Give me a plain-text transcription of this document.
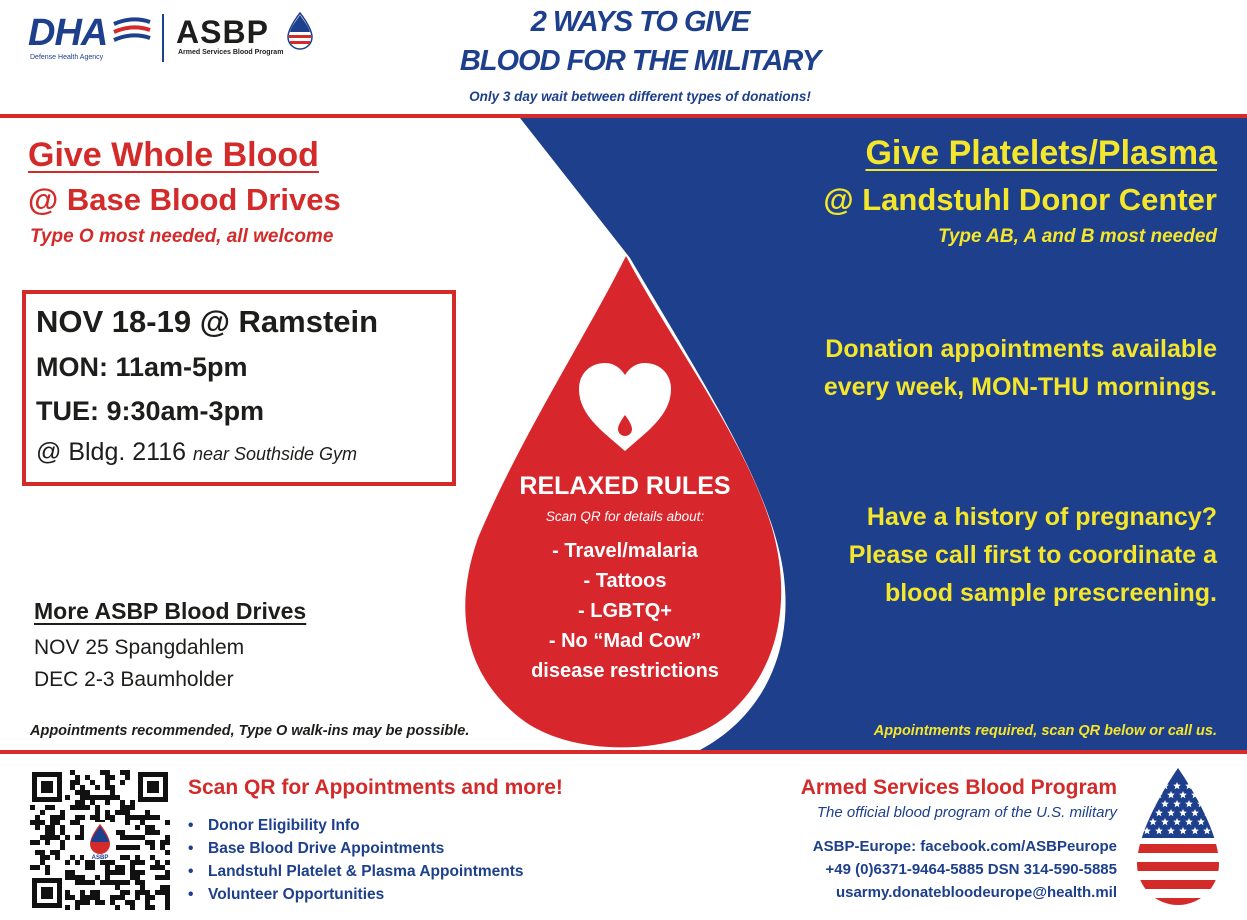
DHA
Defense Health Agency
ASBP
Armed Services Blood Program
2 WAYS TO GIVE
BLOOD FOR THE MILITARY
Only 3 day wait between different types of donations!
Give Whole Blood
@ Base Blood Drives
Type O most needed, all welcome
NOV 18-19 @ Ramstein
MON: 11am-5pm
TUE: 9:30am-3pm
@ Bldg. 2116 near Southside Gym
More ASBP Blood Drives
NOV 25 Spangdahlem
DEC 2-3 Baumholder
Appointments recommended, Type O walk-ins may be possible.
Give Platelets/Plasma
@ Landstuhl Donor Center
Type AB, A and B most needed
Donation appointments available
every week, MON-THU mornings.
Have a history of pregnancy?
Please call first to coordinate a
blood sample prescreening.
Appointments required, scan QR below or call us.
RELAXED RULES
Scan QR for details about:
- Travel/malaria
- Tattoos
- LGBTQ+
- No “Mad Cow”
disease restrictions
ASBP
Scan QR for Appointments and more!
• Donor Eligibility Info
• Base Blood Drive Appointments
• Landstuhl Platelet & Plasma Appointments
• Volunteer Opportunities
Armed Services Blood Program
The official blood program of the U.S. military
ASBP-Europe: facebook.com/ASBPeurope
+49 (0)6371-9464-5885 DSN 314-590-5885
usarmy.donatebloodeurope@health.mil
